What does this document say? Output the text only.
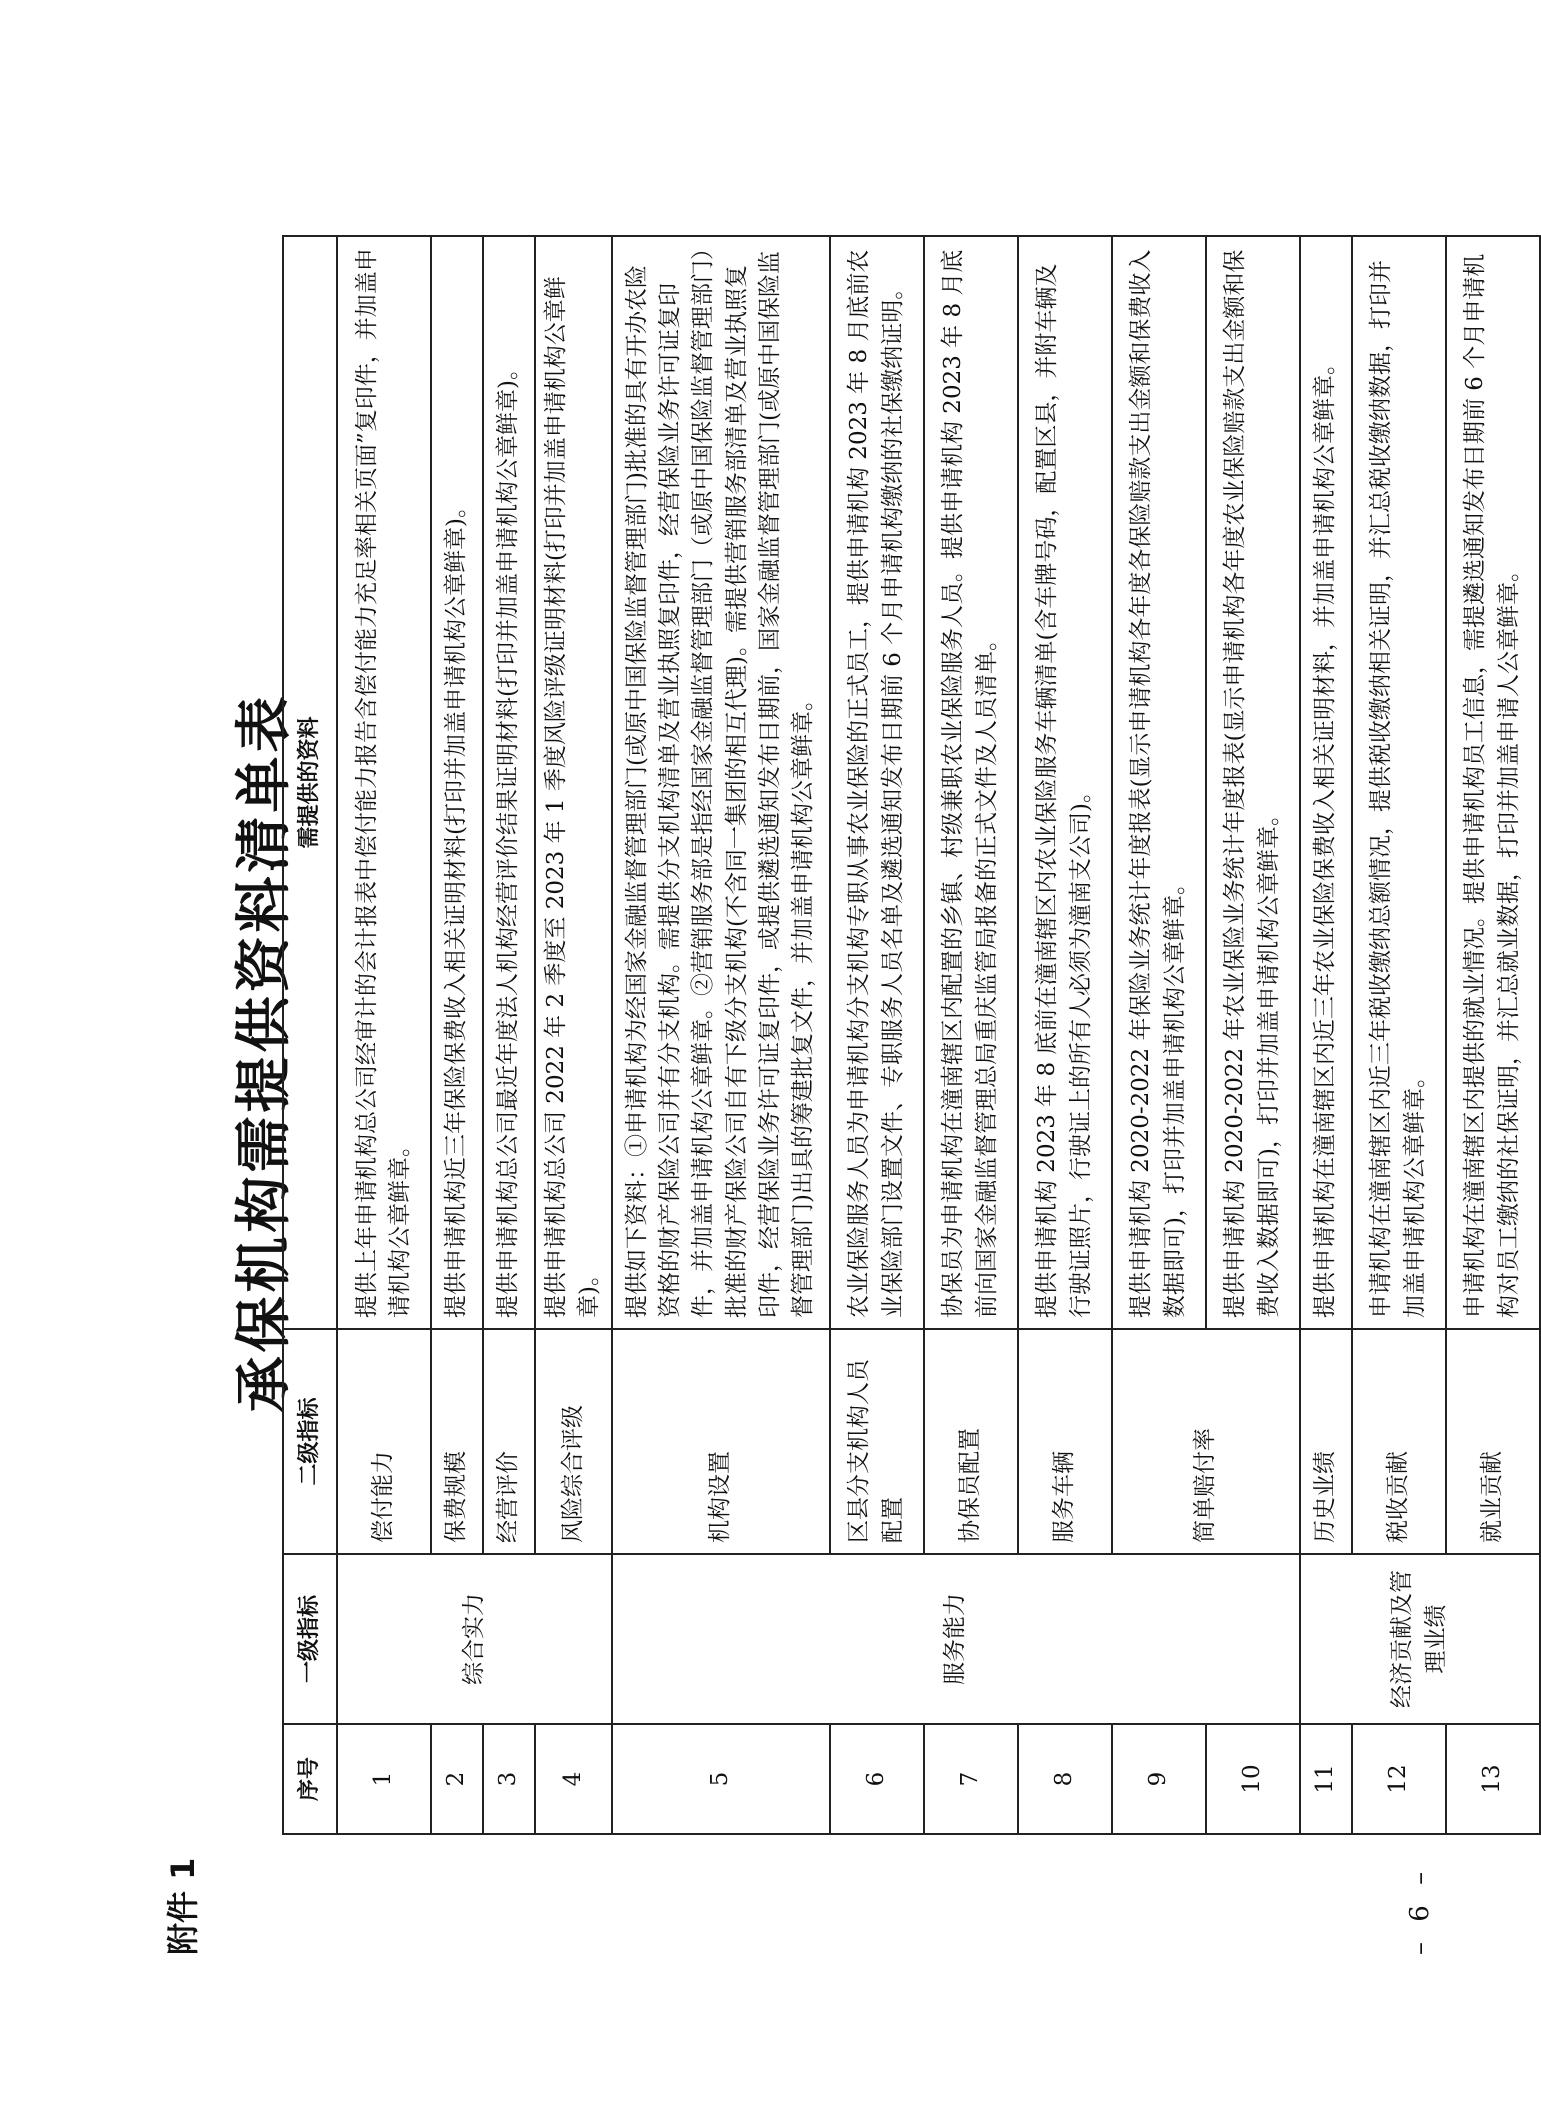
附件 1
承保机构需提供资料清单表
序号	一级指标	二级指标	需提供的资料
1	综合实力	偿付能力	提供上年申请机构总公司经审计的会计报表中偿付能力报告含偿付能力充足率相关页面”复印件，并加盖申请机构公章鲜章。
2		保费规模	提供申请机构近三年保险保费收入相关证明材料(打印并加盖申请机构公章鲜章)。
3		经营评价	提供申请机构总公司最近年度法人机构经营评价结果证明材料(打印并加盖申请机构公章鲜章)。
4		风险综合评级	提供申请机构总公司 2022 年 2 季度至 2023 年 1 季度风险评级证明材料(打印并加盖申请机构公章鲜章)。
5	服务能力	机构设置	提供如下资料：①申请机构为经国家金融监督管理部门(或原中国保险监督管理部门)批准的具有开办农险资格的财产保险公司并有分支机构。需提供分支机构清单及营业执照复印件，经营保险业务许可证复印件，并加盖申请机构公章鲜章。②营销服务部是指经国家金融监督管理部门（或原中国保险监督管理部门）批准的财产保险公司自有下级分支机构(不含同一集团的相互代理)。需提供营销服务部清单及营业执照复印件，经营保险业务许可证复印件，或提供遴选通知发布日期前，国家金融监督管理部门(或原中国保险监督管理部门)出具的筹建批复文件，并加盖申请机构公章鲜章。
6		区县分支机构人员配置	农业保险服务人员为申请机构分支机构专职从事农业保险的正式员工，提供申请机构 2023 年 8 月底前农业保险部门设置文件、专职服务人员名单及遴选通知发布日期前 6 个月申请机构缴纳的社保缴纳证明。
7		协保员配置	协保员为申请机构在潼南辖区内配置的乡镇、村级兼职农业保险服务人员。提供申请机构 2023 年 8 月底前向国家金融监督管理总局重庆监管局报备的正式文件及人员清单。
8		服务车辆	提供申请机构 2023 年 8 底前在潼南辖区内农业保险服务车辆清单(含车牌号码，配置区县，并附车辆及行驶证照片，行驶证上的所有人必须为潼南支公司)。
9		简单赔付率	提供申请机构 2020-2022 年保险业务统计年度报表(显示申请机构各年度各保险赔款支出金额和保费收入数据即可)，打印并加盖申请机构公章鲜章。
10			提供申请机构 2020-2022 年农业保险业务统计年度报表(显示申请机构各年度农业保险赔款支出金额和保费收入数据即可)，打印并加盖申请机构公章鲜章。
11	经济贡献及管理业绩	历史业绩	提供申请机构在潼南辖区内近三年农业保险保费收入相关证明材料，并加盖申请机构公章鲜章。
12		税收贡献	申请机构在潼南辖区内近三年税收缴纳总额情况，提供税收缴纳相关证明，并汇总税收缴纳数据，打印并加盖申请机构公章鲜章。
13		就业贡献	申请机构在潼南辖区内提供的就业情况。提供申请机构员工信息，需提遴选通知发布日期前 6 个月申请机构对员工缴纳的社保证明，并汇总就业数据，打印并加盖申请人公章鲜章。
– 6 –
